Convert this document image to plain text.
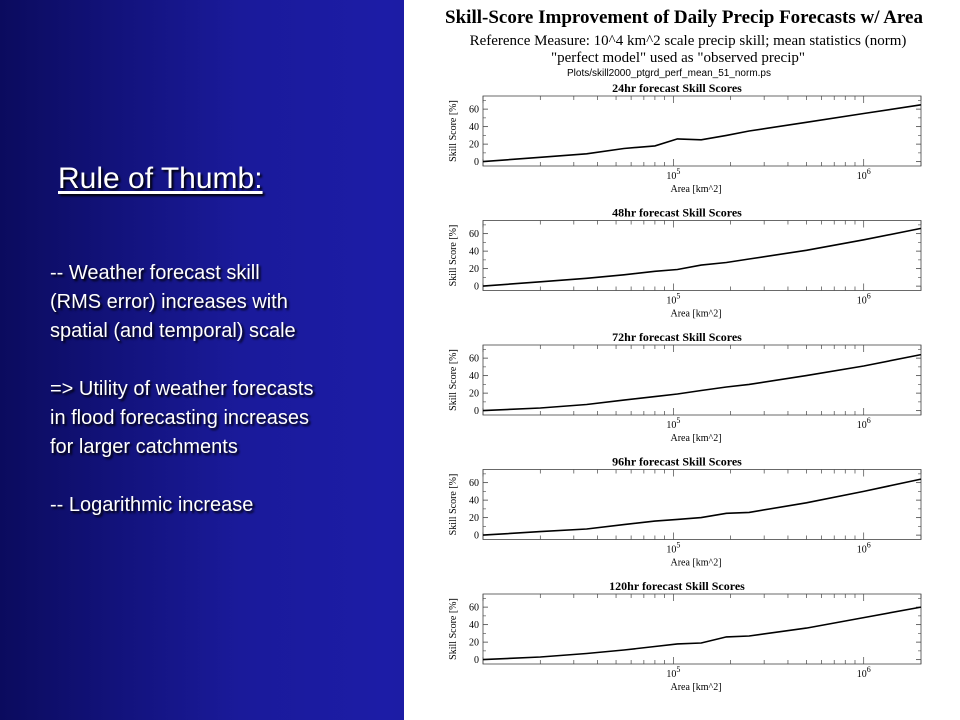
Rule of Thumb:
-- Weather forecast skill
(RMS error) increases with
spatial (and temporal) scale
=> Utility of weather forecasts
in flood forecasting increases
for larger catchments
-- Logarithmic increase
Skill-Score Improvement of Daily Precip Forecasts w/ Area
Reference Measure: 10^4 km^2 scale precip skill; mean statistics (norm)
"perfect model" used as "observed precip"
Plots/skill2000_ptgrd_perf_mean_51_norm.ps
24hr forecast Skill Scores
0
20
40
60
$10^5$	$10^6$
Area [km^2]
Skill Score [%]
48hr forecast Skill Scores
0
20
40
60
$10^5$	$10^6$
Area [km^2]
Skill Score [%]
72hr forecast Skill Scores
0
20
40
60
$10^5$	$10^6$
Area [km^2]
Skill Score [%]
96hr forecast Skill Scores
0
20
40
60
$10^5$	$10^6$
Area [km^2]
Skill Score [%]
120hr forecast Skill Scores
0
20
40
60
$10^5$	$10^6$
Area [km^2]
Skill Score [%]
